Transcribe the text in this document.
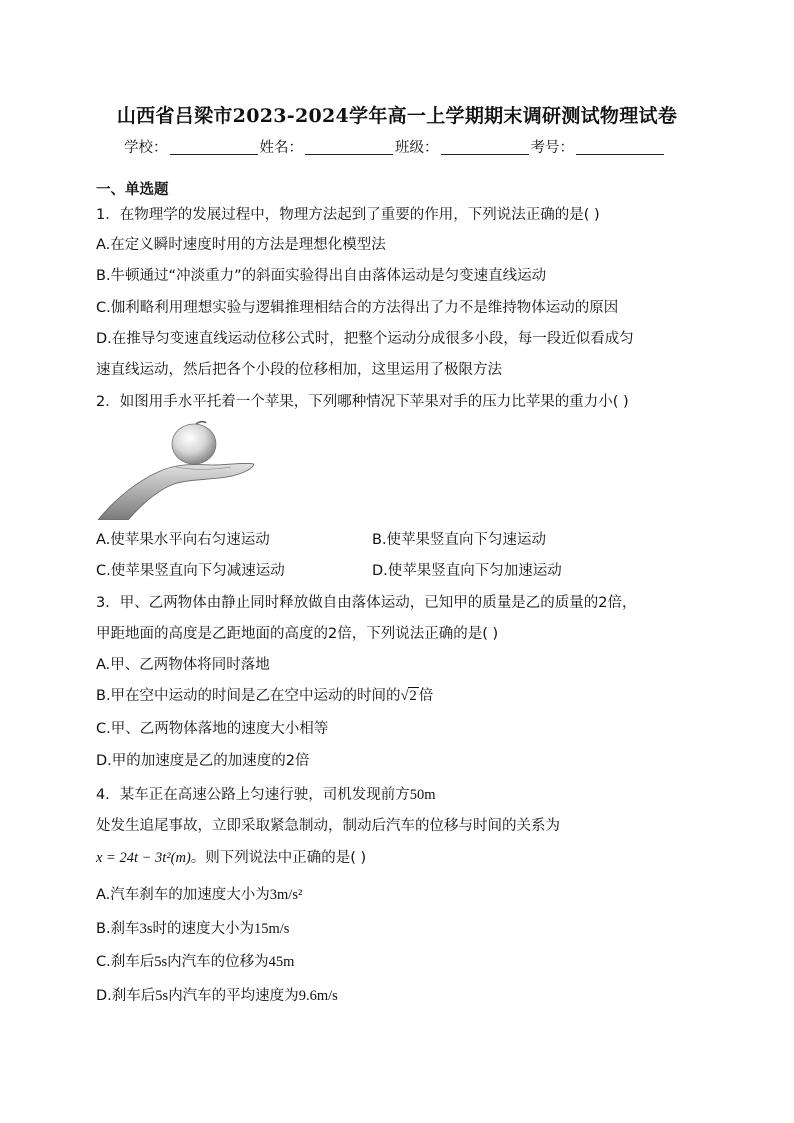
山西省吕梁市2023-2024学年高一上学期期末调研测试物理试卷
学校：	姓名：	班级：	考号：
一、单选题
1．在物理学的发展过程中，物理方法起到了重要的作用，下列说法正确的是( )
A.在定义瞬时速度时用的方法是理想化模型法
B.牛顿通过“冲淡重力”的斜面实验得出自由落体运动是匀变速直线运动
C.伽利略利用理想实验与逻辑推理相结合的方法得出了力不是维持物体运动的原因
D.在推导匀变速直线运动位移公式时，把整个运动分成很多小段，每一段近似看成匀
速直线运动，然后把各个小段的位移相加，这里运用了极限方法
2．如图用手水平托着一个苹果，下列哪种情况下苹果对手的压力比苹果的重力小( )
A.使苹果水平向右匀速运动	B.使苹果竖直向下匀速运动
C.使苹果竖直向下匀减速运动	D.使苹果竖直向下匀加速运动
3．甲、乙两物体由静止同时释放做自由落体运动，已知甲的质量是乙的质量的2倍，
甲距地面的高度是乙距地面的高度的2倍，下列说法正确的是( )
A.甲、乙两物体将同时落地
B.甲在空中运动的时间是乙在空中运动的时间的√2 倍
C.甲、乙两物体落地的速度大小相等
D.甲的加速度是乙的加速度的2倍
4．某车正在高速公路上匀速行驶，司机发现前方50m
处发生追尾事故，立即采取紧急制动，制动后汽车的位移与时间的关系为
x = 24t − 3t²(m)。则下列说法中正确的是( )
A.汽车刹车的加速度大小为3m/s²
B.刹车3s时的速度大小为15m/s
C.刹车后5s内汽车的位移为45m
D.刹车后5s内汽车的平均速度为9.6m/s
